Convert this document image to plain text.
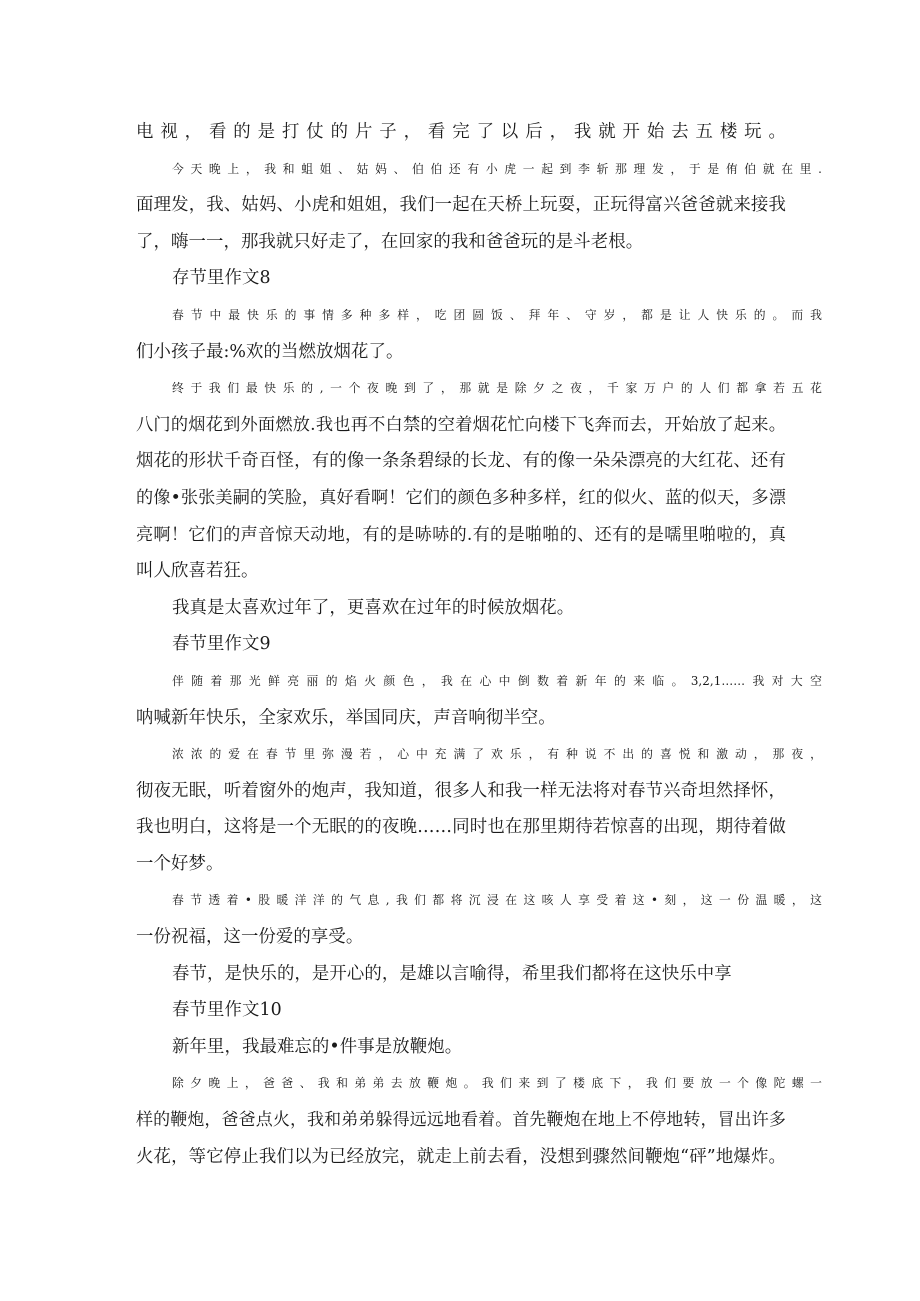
电视，看的是打仗的片子，看完了以后，我就开始去五楼玩。
今天晚上，我和蛆姐、姑妈、伯伯还有小虎一起到李斩那理发，于是侑伯就在里.
面理发，我、姑妈、小虎和姐姐，我们一起在天桥上玩耍，正玩得富兴爸爸就来接我
了，嗨一一，那我就只好走了，在回家的我和爸爸玩的是斗老根。
存节里作文8
春节中最快乐的事情多种多样，吃团圆饭、拜年、守岁，都是让人快乐的。而我
们小孩子最:%欢的当燃放烟花了。
终于我们最快乐的,一个夜晚到了，那就是除夕之夜，千家万户的人们都拿若五花
八门的烟花到外面燃放.我也再不白禁的空着烟花忙向楼下飞奔而去，开始放了起来。
烟花的形状千奇百怪，有的像一条条碧绿的长龙、有的像一朵朵漂亮的大红花、还有
的像•张张美嗣的笑脸，真好看啊！它们的颜色多种多样，红的似火、蓝的似天，多漂
亮啊！它们的声音惊天动地，有的是哧哧的.有的是啪啪的、还有的是嚅里啪啦的，真
叫人欣喜若狂。
我真是太喜欢过年了，更喜欢在过年的时候放烟花。
春节里作文9
伴随着那光鲜亮丽的焰火颜色，我在心中倒数着新年的来临。3,2,1……我对大空
呐喊新年快乐，全家欢乐，举国同庆，声音响彻半空。
浓浓的爱在春节里弥漫若，心中充满了欢乐，有种说不出的喜悦和激动，那夜，
彻夜无眠，听着窗外的炮声，我知道，很多人和我一样无法将对春节兴奇坦然择怀，
我也明白，这将是一个无眠的的夜晚……同时也在那里期待若惊喜的出现，期待着做
一个好梦。
春节透着•股暖洋洋的气息,我们都将沉浸在这咳人享受着这•刻，这一份温暖，这
一份祝福，这一份爱的享受。
春节，是快乐的，是开心的，是雄以言喻得，希里我们都将在这快乐中享
春节里作文10
新年里，我最难忘的•件事是放鞭炮。
除夕晚上，爸爸、我和弟弟去放鞭炮。我们来到了楼底下，我们要放一个像陀螺一
样的鞭炮，爸爸点火，我和弟弟躲得远远地看着。首先鞭炮在地上不停地转，冒出许多
火花，等它停止我们以为已经放完，就走上前去看，没想到骤然间鞭炮“砰”地爆炸。
